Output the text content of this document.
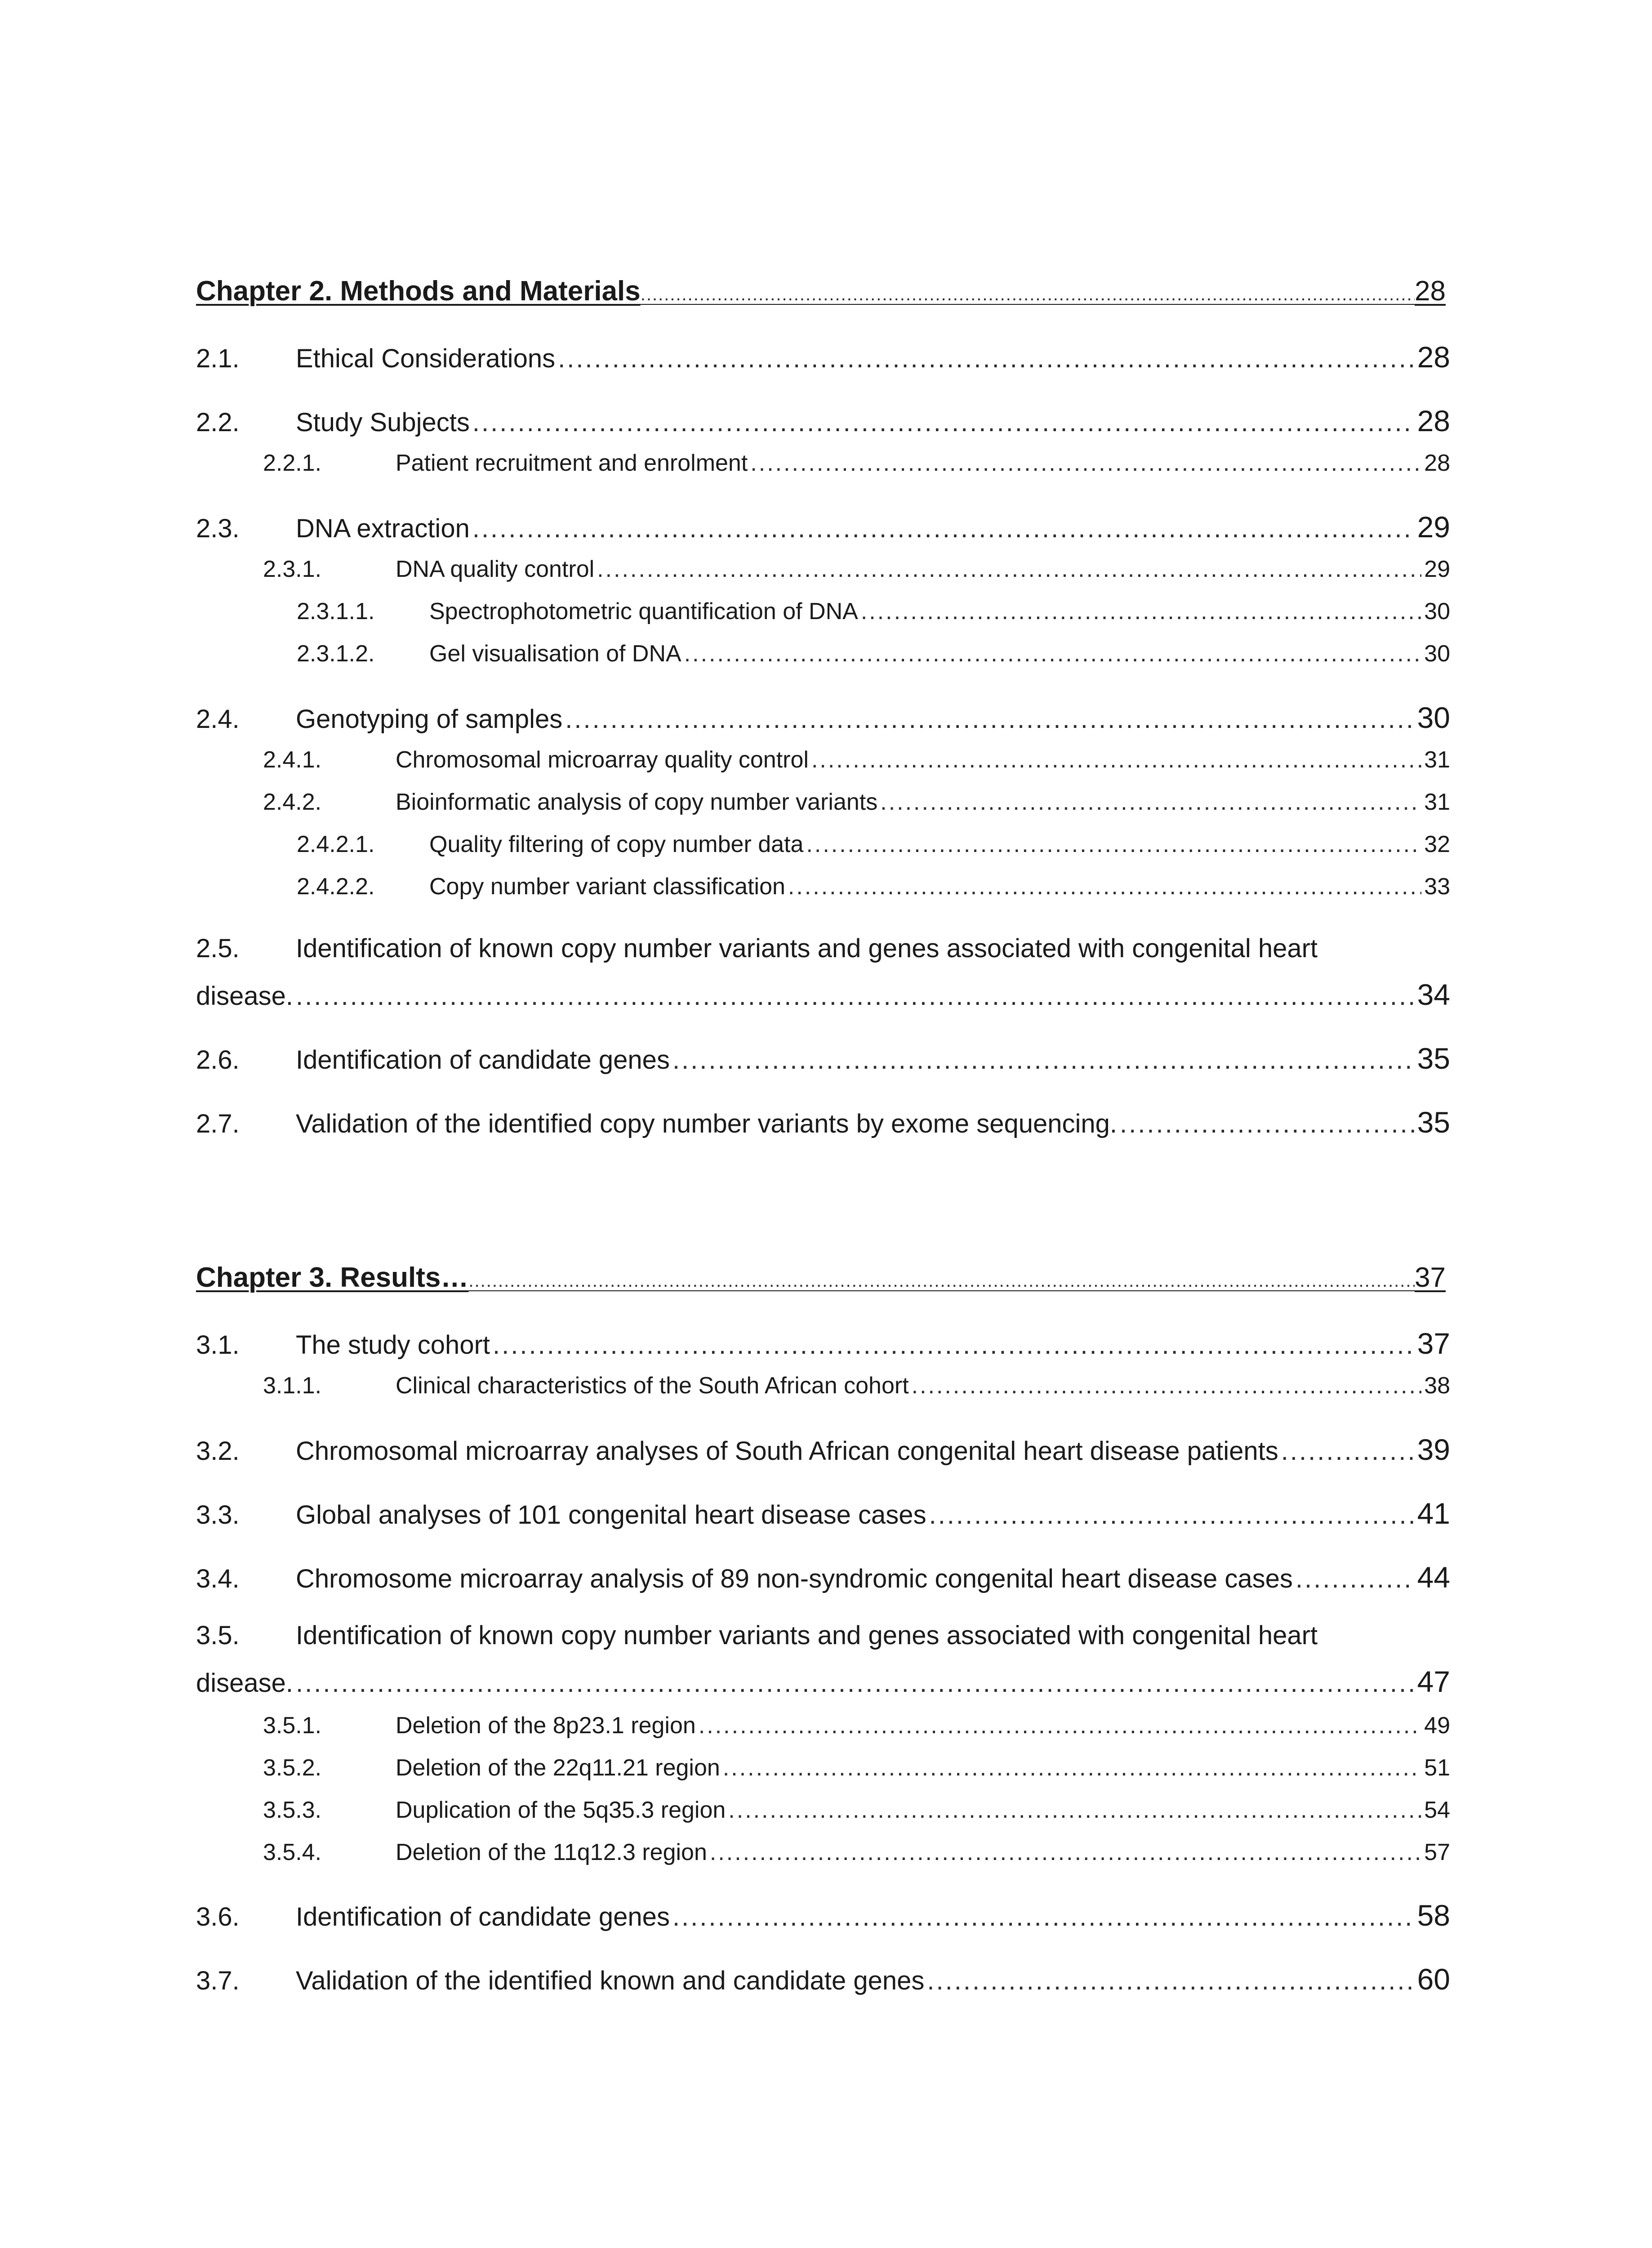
Chapter 2. Methods and Materials .....	28
2.1.	Ethical Considerations .....	28
2.2.	Study Subjects .....	28
2.2.1.	Patient recruitment and enrolment .....	28
2.3.	DNA extraction .....	29
2.3.1.	DNA quality control .....	29
2.3.1.1.	Spectrophotometric quantification of DNA .....	30
2.3.1.2.	Gel visualisation of DNA .....	30
2.4.	Genotyping of samples .....	30
2.4.1.	Chromosomal microarray quality control .....	31
2.4.2.	Bioinformatic analysis of copy number variants .....	31
2.4.2.1.	Quality filtering of copy number data .....	32
2.4.2.2.	Copy number variant classification .....	33
2.5.	Identification of known copy number variants and genes associated with congenital heart
disease. .....	34
2.6.	Identification of candidate genes .....	35
2.7.	Validation of the identified copy number variants by exome sequencing. .....	35
Chapter 3. Results… .....	37
3.1.	The study cohort .....	37
3.1.1.	Clinical characteristics of the South African cohort .....	38
3.2.	Chromosomal microarray analyses of South African congenital heart disease patients .....	39
3.3.	Global analyses of 101 congenital heart disease cases .....	41
3.4.	Chromosome microarray analysis of 89 non-syndromic congenital heart disease cases .....	44
3.5.	Identification of known copy number variants and genes associated with congenital heart
disease. .....	47
3.5.1.	Deletion of the 8p23.1 region .....	49
3.5.2.	Deletion of the 22q11.21 region .....	51
3.5.3.	Duplication of the 5q35.3 region .....	54
3.5.4.	Deletion of the 11q12.3 region .....	57
3.6.	Identification of candidate genes .....	58
3.7.	Validation of the identified known and candidate genes .....	60
